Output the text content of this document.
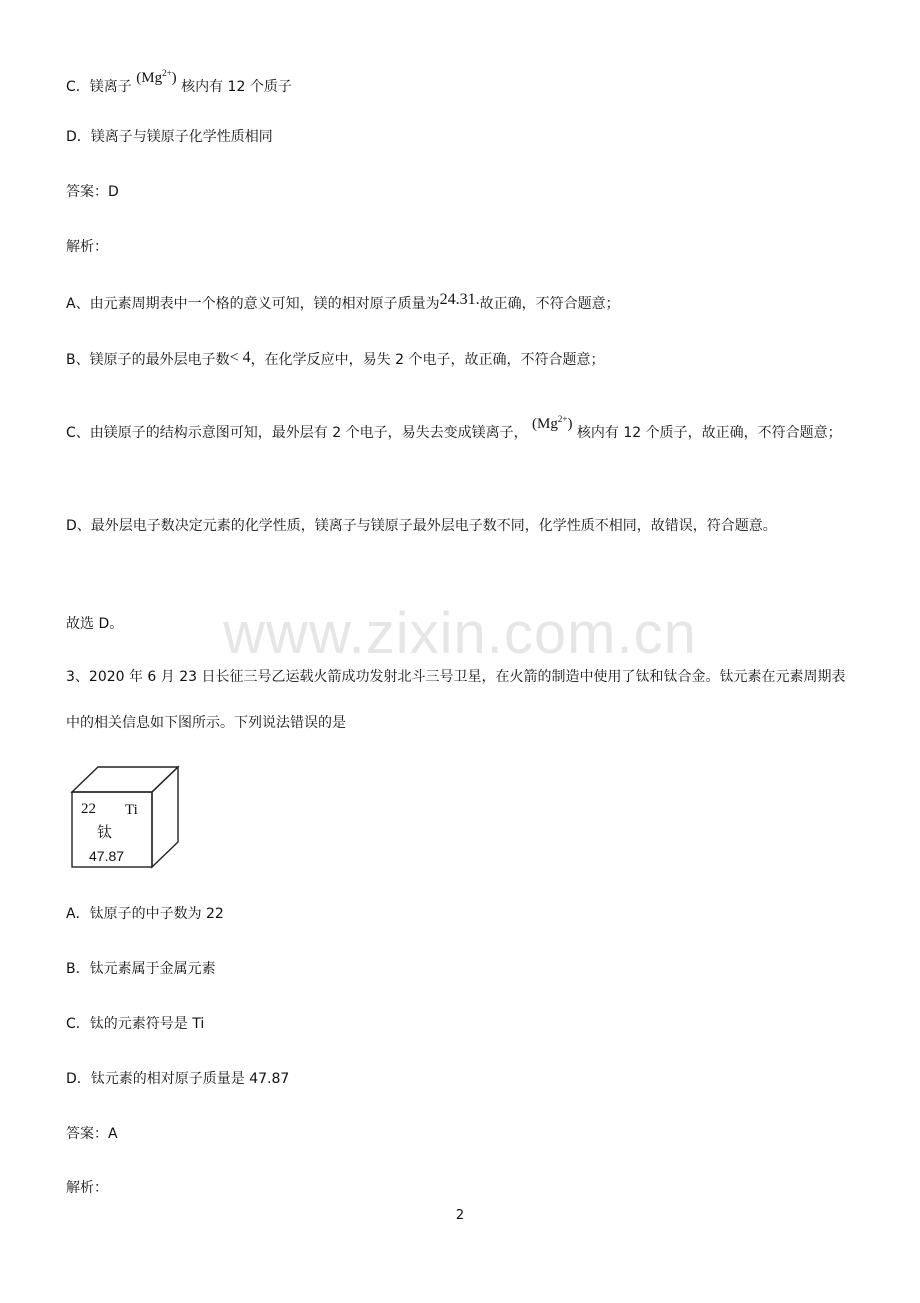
www.zixin.com.cn
C．镁离子 $(Mg^{2+})$ 核内有 12 个质子
D．镁离子与镁原子化学性质相同
答案：D
解析：
A、由元素周期表中一个格的意义可知，镁的相对原子质量为24.31.故正确，不符合题意；
B、镁原子的最外层电子数< 4，在化学反应中，易失 2 个电子，故正确，不符合题意；
C、由镁原子的结构示意图可知，最外层有 2 个电子，易失去变成镁离子， $(Mg^{2+})$ 核内有 12 个质子，故正确，不符合题意；
D、最外层电子数决定元素的化学性质，镁离子与镁原子最外层电子数不同，化学性质不相同，故错误，符合题意。
故选 D。
3、2020 年 6 月 23 日长征三号乙运载火箭成功发射北斗三号卫星，在火箭的制造中使用了钛和钛合金。钛元素在元素周期表中的相关信息如下图所示。下列说法错误的是
22 Ti
钛
47.87
A．钛原子的中子数为 22
B．钛元素属于金属元素
C．钛的元素符号是 Ti
D．钛元素的相对原子质量是 47.87
答案：A
解析：
2
